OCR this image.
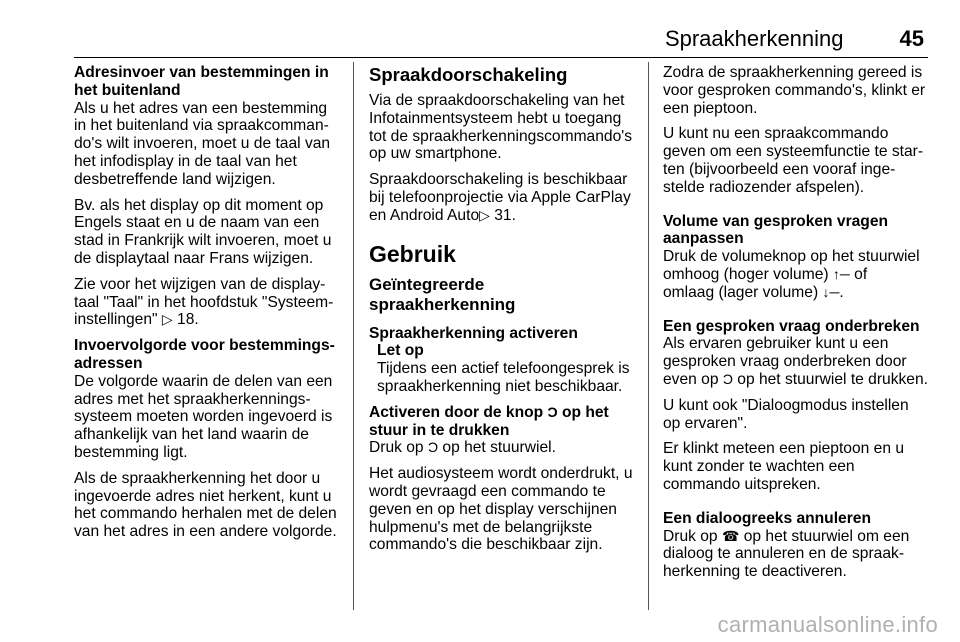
Spraakherkenning	45

Adresinvoer van bestemmingen in het buitenland

Als u het adres van een bestemming in het buitenland via spraakcommando's wilt invoeren, moet u de taal van het infodisplay in de taal van het desbetreffende land wijzigen.

Bv. als het display op dit moment op Engels staat en u de naam van een stad in Frankrijk wilt invoeren, moet u de displaytaal naar Frans wijzigen.

Zie voor het wijzigen van de displaytaal "Taal" in het hoofdstuk "Systeeminstellingen" ▷ 18.

Invoervolgorde voor bestemmingsadressen

De volgorde waarin de delen van een adres met het spraakherkenningssysteem moeten worden ingevoerd is afhankelijk van het land waarin de bestemming ligt.

Als de spraakherkenning het door u ingevoerde adres niet herkent, kunt u het commando herhalen met de delen van het adres in een andere volgorde.

Spraakdoorschakeling

Via de spraakdoorschakeling van het Infotainmentsysteem hebt u toegang tot de spraakherkenningscommando's op uw smartphone.

Spraakdoorschakeling is beschikbaar bij telefoonprojectie via Apple CarPlay en Android Auto▷ 31.

Gebruik

Geïntegreerde spraakherkenning

Spraakherkenning activeren

Let op

Tijdens een actief telefoongesprek is spraakherkenning niet beschikbaar.

Activeren door de knop Ͻ op het stuur in te drukken

Druk op Ͻ op het stuurwiel.

Het audiosysteem wordt onderdrukt, u wordt gevraagd een commando te geven en op het display verschijnen hulpmenu's met de belangrijkste commando's die beschikbaar zijn.

Zodra de spraakherkenning gereed is voor gesproken commando's, klinkt er een pieptoon.

U kunt nu een spraakcommando geven om een systeemfunctie te starten (bijvoorbeeld een vooraf ingestelde radiozender afspelen).

Volume van gesproken vragen aanpassen

Druk de volumeknop op het stuurwiel omhoog (hoger volume) ↑─ of
omlaag (lager volume) ↓─.

Een gesproken vraag onderbreken

Als ervaren gebruiker kunt u een gesproken vraag onderbreken door even op Ͻ op het stuurwiel te drukken.

U kunt ook "Dialoogmodus instellen op ervaren".

Er klinkt meteen een pieptoon en u kunt zonder te wachten een commando uitspreken.

Een dialoogreeks annuleren

Druk op ☎ op het stuurwiel om een dialoog te annuleren en de spraakherkenning te deactiveren.

carmanualsonline.info
